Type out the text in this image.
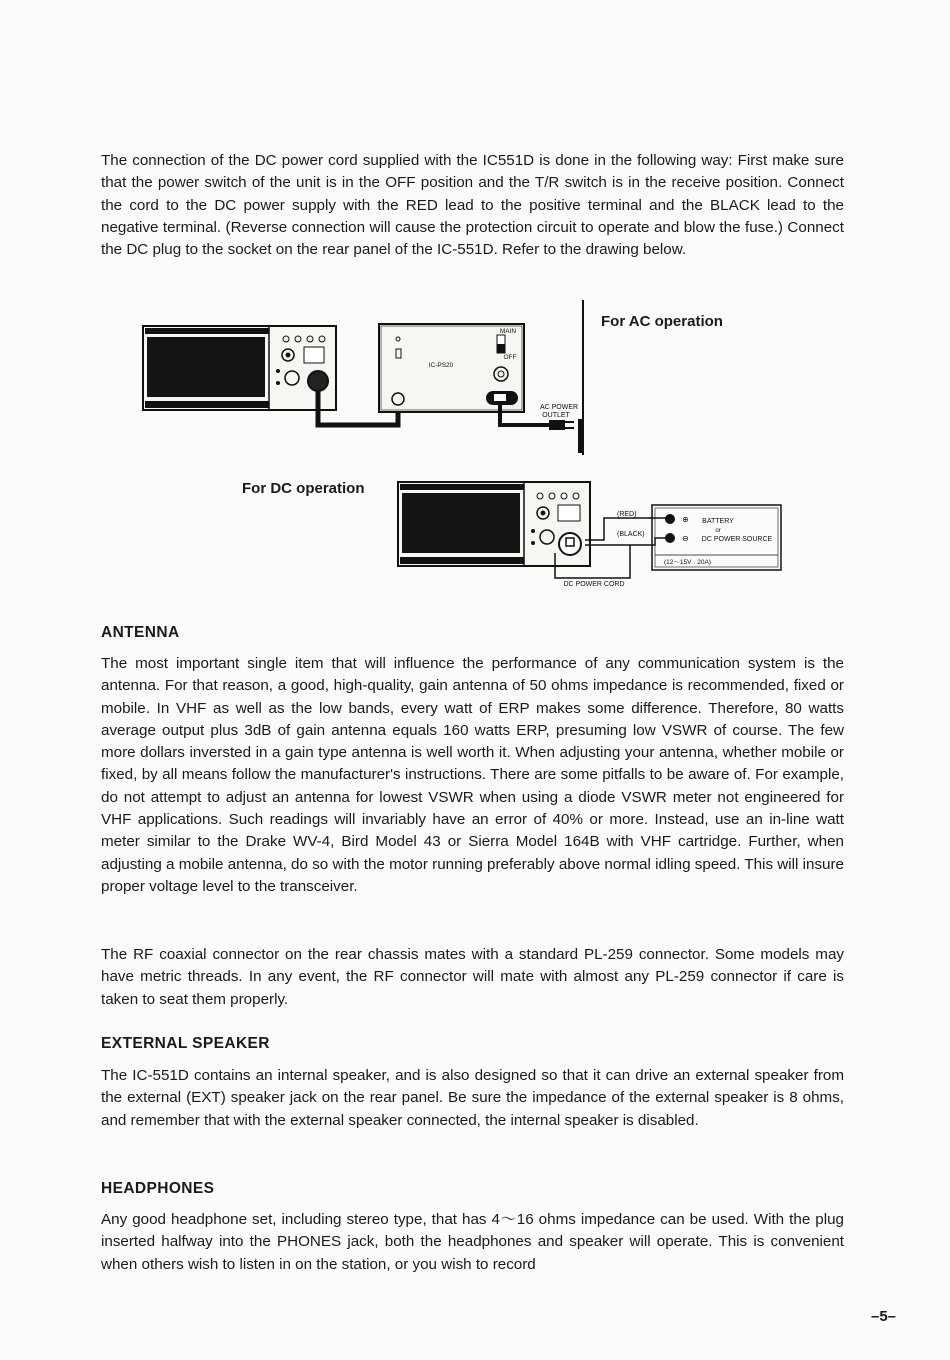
The connection of the DC power cord supplied with the IC551D is done in the following way: First make sure that the power switch of the unit is in the OFF position and the T/R switch is in the receive position. Connect the cord to the DC power supply with the RED lead to the positive terminal and the BLACK lead to the negative terminal. (Reverse connection will cause the protection circuit to operate and blow the fuse.) Connect the DC plug to the socket on the rear panel of the IC-551D. Refer to the drawing below.

IC-PS20
MAIN
OFF
AC POWER
OUTLET
(RED)
(BLACK)
DC POWER CORD
⊕
⊖
BATTERY
or
DC POWER SOURCE
(12～15V · 20A)

For AC operation

For DC operation

ANTENNA

The most important single item that will influence the performance of any communication system is the antenna. For that reason, a good, high-quality, gain antenna of 50 ohms impedance is recommended, fixed or mobile. In VHF as well as the low bands, every watt of ERP makes some difference. Therefore, 80 watts average output plus 3dB of gain antenna equals 160 watts ERP, presuming low VSWR of course. The few more dollars inversted in a gain type antenna is well worth it. When adjusting your antenna, whether mobile or fixed, by all means follow the manufacturer's instructions. There are some pitfalls to be aware of. For example, do not attempt to adjust an antenna for lowest VSWR when using a diode VSWR meter not engineered for VHF applications. Such readings will invariably have an error of 40% or more. Instead, use an in-line watt meter similar to the Drake WV-4, Bird Model 43 or Sierra Model 164B with VHF cartridge. Further, when adjusting a mobile antenna, do so with the motor running preferably above normal idling speed. This will insure proper voltage level to the transceiver.

The RF coaxial connector on the rear chassis mates with a standard PL-259 connector. Some models may have metric threads. In any event, the RF connector will mate with almost any PL-259 connector if care is taken to seat them properly.

EXTERNAL SPEAKER

The IC-551D contains an internal speaker, and is also designed so that it can drive an external speaker from the external (EXT) speaker jack on the rear panel. Be sure the impedance of the external speaker is 8 ohms, and remember that with the external speaker connected, the internal speaker is disabled.

HEADPHONES

Any good headphone set, including stereo type, that has 4～16 ohms impedance can be used. With the plug inserted halfway into the PHONES jack, both the headphones and speaker will operate. This is convenient when others wish to listen in on the station, or you wish to record

–5–
